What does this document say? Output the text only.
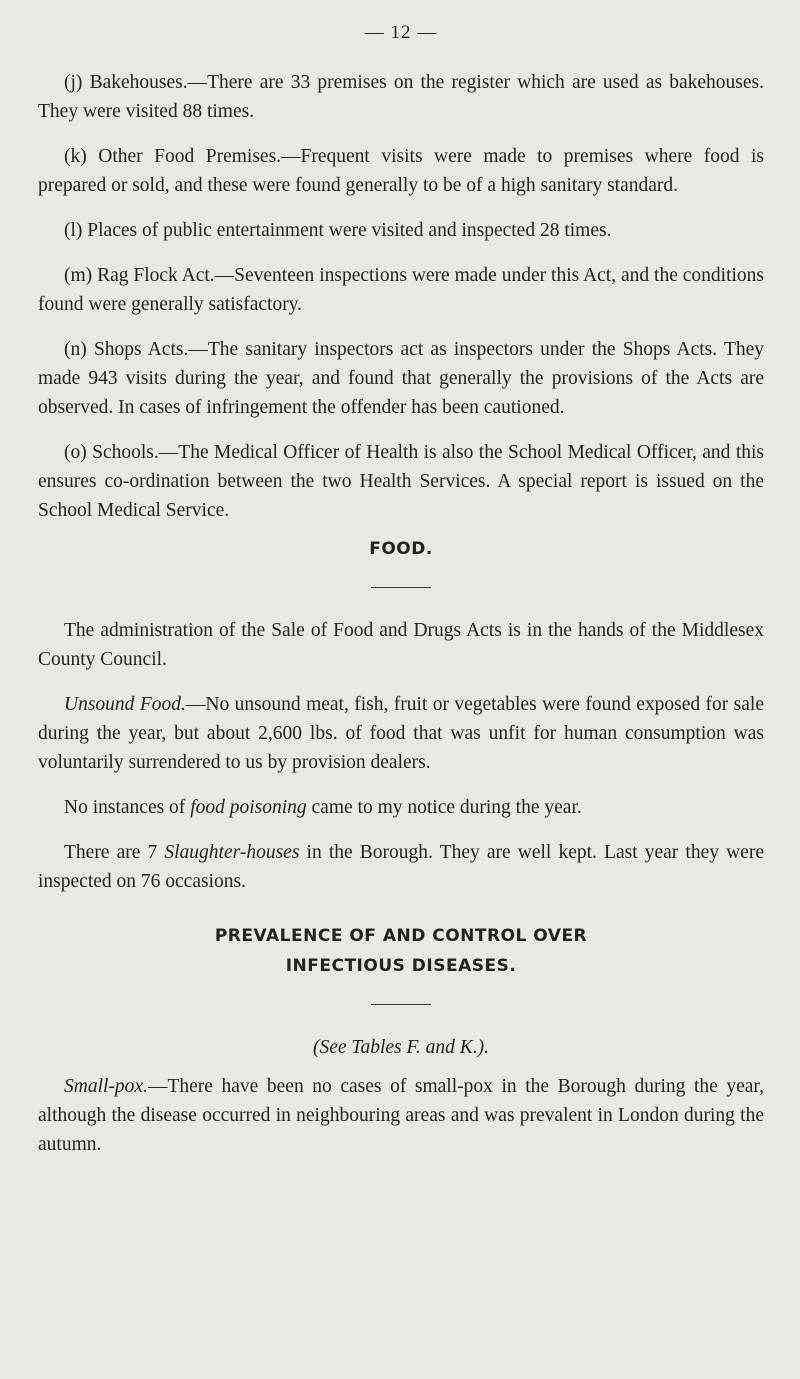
— 12 —

(j) Bakehouses.—There are 33 premises on the register which are used as bakehouses. They were visited 88 times.

(k) Other Food Premises.—Frequent visits were made to premises where food is prepared or sold, and these were found generally to be of a high sanitary standard.

(l) Places of public entertainment were visited and inspected 28 times.

(m) Rag Flock Act.—Seventeen inspections were made under this Act, and the conditions found were generally satisfactory.

(n) Shops Acts.—The sanitary inspectors act as inspectors under the Shops Acts. They made 943 visits during the year, and found that generally the provisions of the Acts are observed. In cases of infringement the offender has been cautioned.

(o) Schools.—The Medical Officer of Health is also the School Medical Officer, and this ensures co-ordination between the two Health Services. A special report is issued on the School Medical Service.

FOOD.

The administration of the Sale of Food and Drugs Acts is in the hands of the Middlesex County Council.

Unsound Food.—No unsound meat, fish, fruit or vegetables were found exposed for sale during the year, but about 2,600 lbs. of food that was unfit for human consumption was voluntarily surrendered to us by provision dealers.

No instances of food poisoning came to my notice during the year.

There are 7 Slaughter-houses in the Borough. They are well kept. Last year they were inspected on 76 occasions.

PREVALENCE OF AND CONTROL OVER
INFECTIOUS DISEASES.

(See Tables F. and K.).

Small-pox.—There have been no cases of small-pox in the Borough during the year, although the disease occurred in neighbouring areas and was prevalent in London during the autumn.
